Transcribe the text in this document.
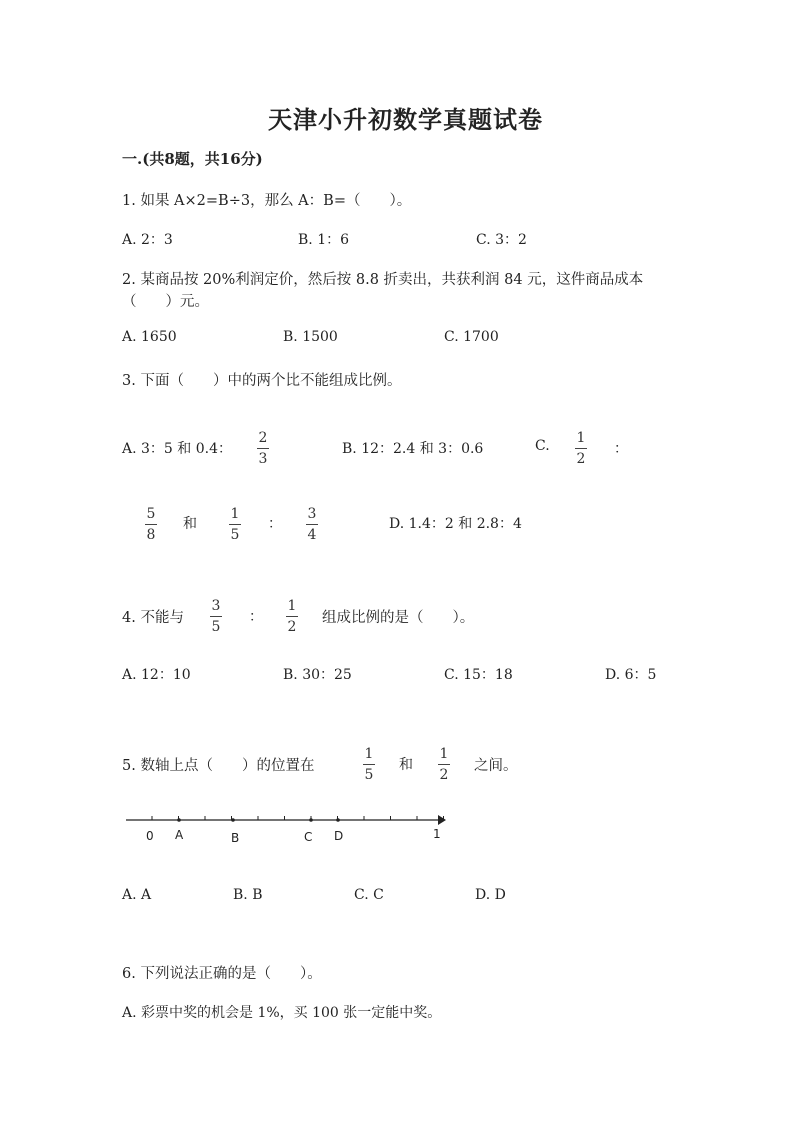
天津小升初数学真题试卷
一.(共8题，共16分)
1. 如果 A×2=B÷3，那么 A：B=（　　）。
A. 2：3	B. 1：6	C. 3：2
2. 某商品按 20%利润定价，然后按 8.8 折卖出，共获利润 84 元，这件商品成本
（　　）元。
A. 1650	B. 1500	C. 1700
3. 下面（　　）中的两个比不能组成比例。
A. 3：5 和 0.4：
2
3
B. 12：2.4 和 3：0.6	C. 1
2
：
5
8
和
1
5
：
3
4
D. 1.4：2 和 2.8：4
4. 不能与
3
5
：
1
2
组成比例的是（　　）。
A. 12：10	B. 30：25	C. 15：18	D. 6：5
5. 数轴上点（　　）的位置在
1
5
和
1
2
之间。
0 A	B	C D	1
A. A	B. B	C. C	D. D
6. 下列说法正确的是（　　）。
A. 彩票中奖的机会是 1%，买 100 张一定能中奖。
